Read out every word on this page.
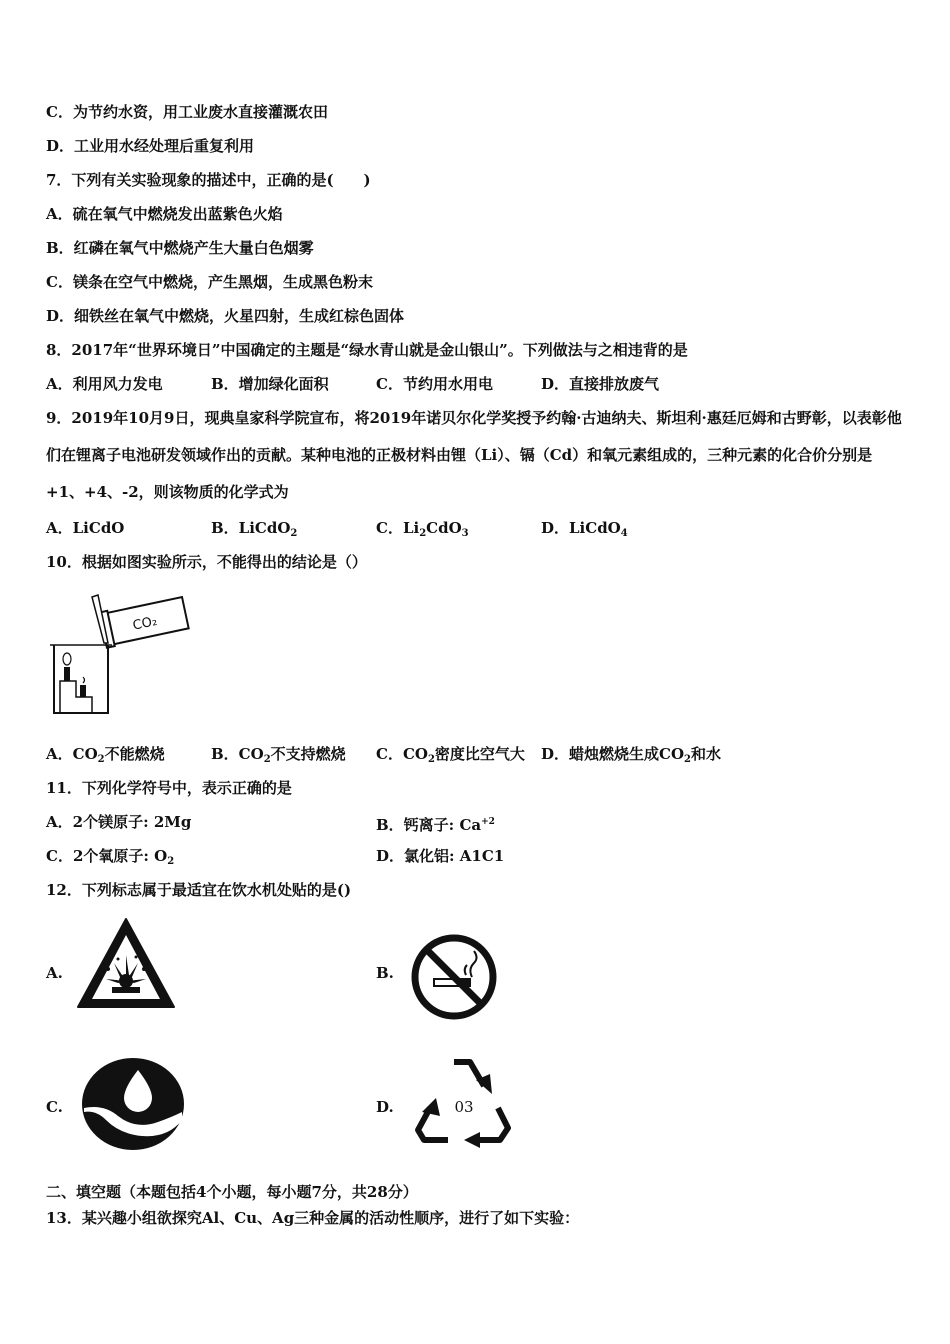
C．为节约水资，用工业废水直接灌溉农田
D．工业用水经处理后重复利用
7．下列有关实验现象的描述中，正确的是(　　)
A．硫在氧气中燃烧发出蓝紫色火焰
B．红磷在氧气中燃烧产生大量白色烟雾
C．镁条在空气中燃烧，产生黑烟，生成黑色粉末
D．细铁丝在氧气中燃烧，火星四射，生成红棕色固体
8．2017年“世界环境日”中国确定的主题是“绿水青山就是金山银山”。下列做法与之相违背的是
A．利用风力发电	B．增加绿化面积	C．节约用水用电	D．直接排放废气
9．2019年10月9日，现典皇家科学院宣布，将2019年诺贝尔化学奖授予约翰·古迪纳夫、斯坦利·惠廷厄姆和古野彰，以表彰他们在锂离子电池研发领域作出的贡献。某种电池的正极材料由锂（Li）、镉（Cd）和氧元素组成的，三种元素的化合价分别是+1、+4、-2，则该物质的化学式为
A．LiCdO	B．LiCdO$_2$	C．$Li_2CdO_3$	D．LiCdO$_4$
10．根据如图实验所示，不能得出的结论是（）
CO₂
A．$CO_2$不能燃烧	B．$CO_2$不支持燃烧 C．$CO_2$密度比空气大 D．蜡烛燃烧生成$CO_2$和水
11．下列化学符号中，表示正确的是
A．2个镁原子: 2Mg	B．钙离子: $Ca^{+2}$
C．2个氧原子: $O_2$	D．氯化铝: A1C1
12．下列标志属于最适宜在饮水机处贴的是()
A.	B.
C.	D.	03
二、填空题（本题包括4个小题，每小题7分，共28分）
13．某兴趣小组欲探究Al、Cu、Ag三种金属的活动性顺序，进行了如下实验：
